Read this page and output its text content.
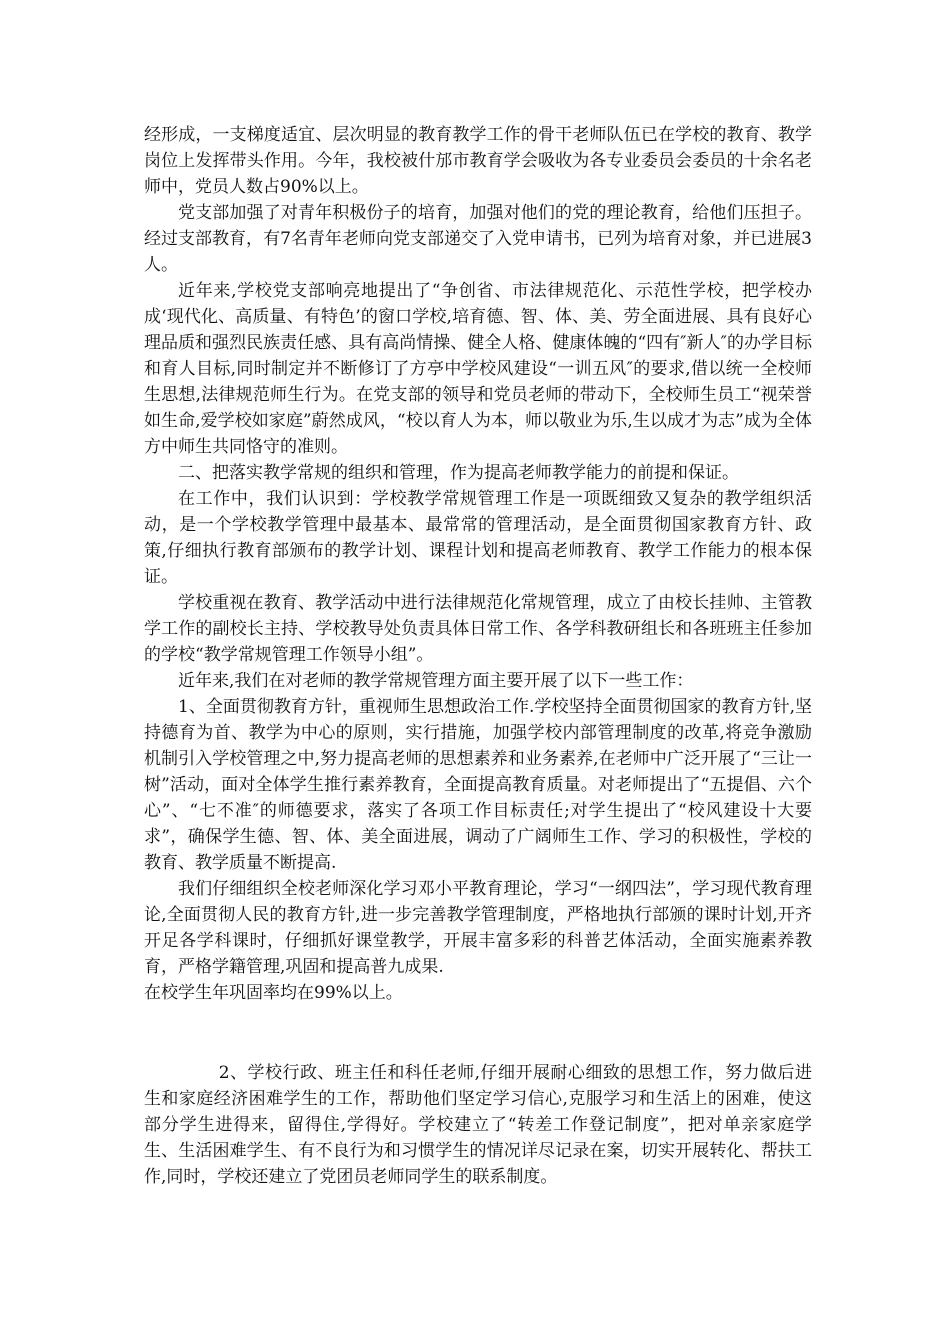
经形成，一支梯度适宜、层次明显的教育教学工作的骨干老师队伍已在学校的教育、教学岗位上发挥带头作用。今年，我校被什邡市教育学会吸收为各专业委员会委员的十余名老师中，党员人数占90%以上。

党支部加强了对青年积极份子的培育，加强对他们的党的理论教育，给他们压担子。经过支部教育，有7名青年老师向党支部递交了入党申请书，已列为培育对象，并已进展3人。

近年来,学校党支部响亮地提出了“争创省、市法律规范化、示范性学校，把学校办成‘现代化、高质量、有特色’的窗口学校,培育德、智、体、美、劳全面进展、具有良好心理品质和强烈民族责任感、具有高尚情操、健全人格、健康体魄的“四有″新人″的办学目标和育人目标,同时制定并不断修订了方亭中学校风建设“一训五风″的要求,借以统一全校师生思想,法律规范师生行为。在党支部的领导和党员老师的带动下，全校师生员工“视荣誉如生命,爱学校如家庭”蔚然成风，“校以育人为本，师以敬业为乐,生以成才为志”成为全体方中师生共同恪守的准则。

二、把落实教学常规的组织和管理，作为提高老师教学能力的前提和保证。

在工作中，我们认识到：学校教学常规管理工作是一项既细致又复杂的教学组织活动，是一个学校教学管理中最基本、最常常的管理活动，是全面贯彻国家教育方针、政策,仔细执行教育部颁布的教学计划、课程计划和提高老师教育、教学工作能力的根本保证。

学校重视在教育、教学活动中进行法律规范化常规管理，成立了由校长挂帅、主管教学工作的副校长主持、学校教导处负责具体日常工作、各学科教研组长和各班班主任参加的学校“教学常规管理工作领导小组”。

近年来,我们在对老师的教学常规管理方面主要开展了以下一些工作：

1、全面贯彻教育方针，重视师生思想政治工作.学校坚持全面贯彻国家的教育方针,坚持德育为首、教学为中心的原则，实行措施，加强学校内部管理制度的改革,将竞争激励机制引入学校管理之中,努力提高老师的思想素养和业务素养,在老师中广泛开展了“三让一树”活动，面对全体学生推行素养教育，全面提高教育质量。对老师提出了“五提倡、六个心”、“七不准″的师德要求，落实了各项工作目标责任;对学生提出了“校风建设十大要求”，确保学生德、智、体、美全面进展，调动了广阔师生工作、学习的积极性，学校的教育、教学质量不断提高.

我们仔细组织全校老师深化学习邓小平教育理论，学习“一纲四法”，学习现代教育理论,全面贯彻人民的教育方针,进一步完善教学管理制度，严格地执行部颁的课时计划,开齐开足各学科课时，仔细抓好课堂教学，开展丰富多彩的科普艺体活动，全面实施素养教育，严格学籍管理,巩固和提高普九成果.

在校学生年巩固率均在99%以上。

2、学校行政、班主任和科任老师,仔细开展耐心细致的思想工作，努力做后进生和家庭经济困难学生的工作，帮助他们坚定学习信心,克服学习和生活上的困难，使这部分学生进得来，留得住,学得好。学校建立了“转差工作登记制度”，把对单亲家庭学生、生活困难学生、有不良行为和习惯学生的情况详尽记录在案，切实开展转化、帮扶工作,同时，学校还建立了党团员老师同学生的联系制度。
